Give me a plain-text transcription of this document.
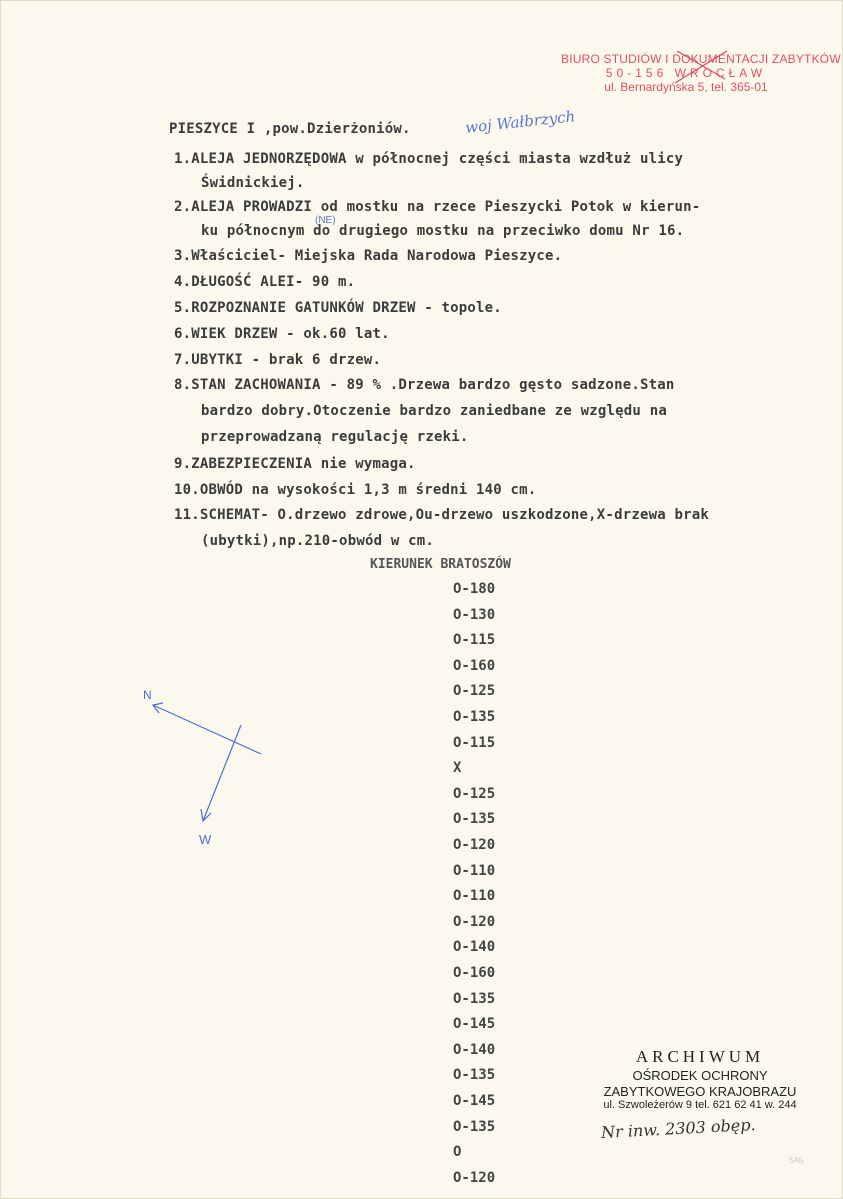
BIURO STUDIÓW I DOKUMENTACJI ZABYTKÓW
50-156 WROCŁAW
ul. Bernardyńska 5, tel. 365-01
PIESZYCE I ,pow.Dzierżoniów.	woj Wałbrzych
1.ALEJA JEDNORZĘDOWA w północnej części miasta wzdłuż ulicy
Świdnickiej.
2.ALEJA PROWADZI od mostku na rzece Pieszycki Potok w kierun-
ku północnym do drugiego mostku na przeciwko domu Nr 16.
3.Właściciel- Miejska Rada Narodowa Pieszyce.
4.DŁUGOŚĆ ALEI- 90 m.
5.ROZPOZNANIE GATUNKÓW DRZEW - topole.
6.WIEK DRZEW - ok.60 lat.
7.UBYTKI - brak 6 drzew.
8.STAN ZACHOWANIA - 89 % .Drzewa bardzo gęsto sadzone.Stan
bardzo dobry.Otoczenie bardzo zaniedbane ze względu na
przeprowadzaną regulację rzeki.
9.ZABEZPIECZENIA nie wymaga.
10.OBWÓD na wysokości 1,3 m średni 140 cm.
11.SCHEMAT- O.drzewo zdrowe,Ou-drzewo uszkodzone,X-drzewa brak
(ubytki),np.210-obwód w cm.
(NE)
KIERUNEK BRATOSZÓW
O-180
O-130
O-115
O-160
O-125
O-135
O-115
X
O-125
O-135
O-120
O-110
O-110
O-120
O-140
O-160
O-135
O-145
O-140
O-135
O-145
O-135
O
O-120
N
W
ARCHIWUM
OŚRODEK OCHRONY
ZABYTKOWEGO KRAJOBRAZU
ul. Szwoleżerów 9 tel. 621 62 41 w. 244
Nr inw. 2303 obęp.
5A5
